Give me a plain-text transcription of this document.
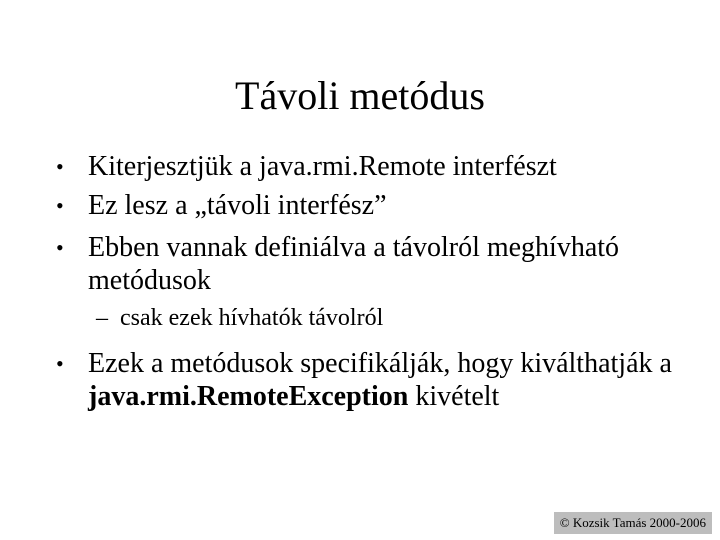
Távoli metódus
• Kiterjesztjük a java.rmi.Remote interfészt
• Ez lesz a „távoli interfész”
• Ebben vannak definiálva a távolról meghívható metódusok
– csak ezek hívhatók távolról
• Ezek a metódusok specifikálják, hogy kiválthatják a java.rmi.RemoteException kivételt
© Kozsik Tamás 2000-2006
